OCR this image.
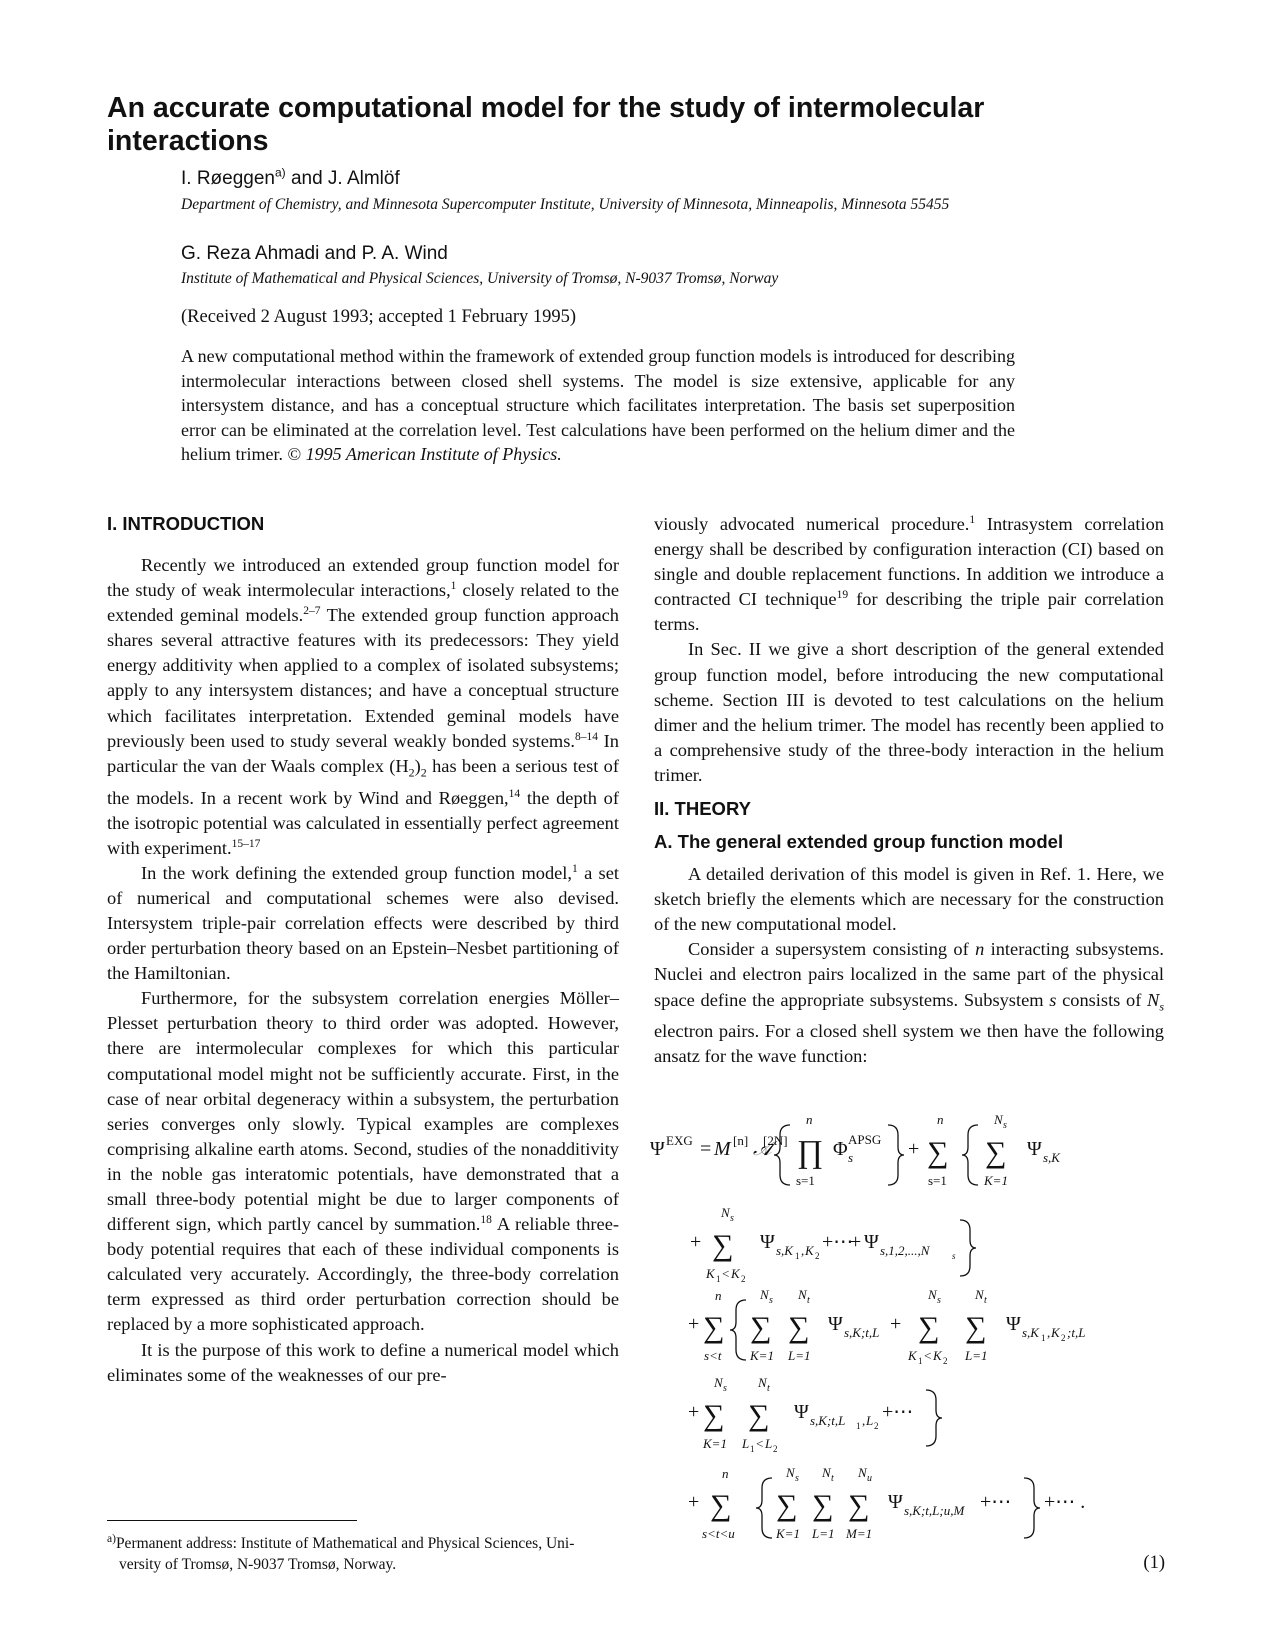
An accurate computational model for the study of intermolecular interactions
I. Røeggen$^{a)}$ and J. Almlöf
Department of Chemistry, and Minnesota Supercomputer Institute, University of Minnesota, Minneapolis, Minnesota 55455
G. Reza Ahmadi and P. A. Wind
Institute of Mathematical and Physical Sciences, University of Tromsø, N-9037 Tromsø, Norway
(Received 2 August 1993; accepted 1 February 1995)

A new computational method within the framework of extended group function models is introduced for describing intermolecular interactions between closed shell systems. The model is size extensive, applicable for any intersystem distance, and has a conceptual structure which facilitates interpretation. The basis set superposition error can be eliminated at the correlation level. Test calculations have been performed on the helium dimer and the helium trimer. © 1995 American Institute of Physics.

I. INTRODUCTION

Recently we introduced an extended group function model for the study of weak intermolecular interactions,$^1$ closely related to the extended geminal models.$^{2-7}$ The extended group function approach shares several attractive features with its predecessors: They yield energy additivity when applied to a complex of isolated subsystems; apply to any intersystem distances; and have a conceptual structure which facilitates interpretation. Extended geminal models have previously been used to study several weakly bonded systems.$^{8-14}$ In particular the van der Waals complex $(H_2)_2$ has been a serious test of the models. In a recent work by Wind and Røeggen,$^{14}$ the depth of the isotropic potential was calculated in essentially perfect agreement with experiment.$^{15-17}$

In the work defining the extended group function model,$^1$ a set of numerical and computational schemes were also devised. Intersystem triple-pair correlation effects were described by third order perturbation theory based on an Epstein–Nesbet partitioning of the Hamiltonian.

Furthermore, for the subsystem correlation energies Möller–Plesset perturbation theory to third order was adopted. However, there are intermolecular complexes for which this particular computational model might not be sufficiently accurate. First, in the case of near orbital degeneracy within a subsystem, the perturbation series converges only slowly. Typical examples are complexes comprising alkaline earth atoms. Second, studies of the nonadditivity in the noble gas interatomic potentials, have demonstrated that a small three-body potential might be due to larger components of different sign, which partly cancel by summation.$^{18}$ A reliable three-body potential requires that each of these individual components is calculated very accurately. Accordingly, the three-body correlation term expressed as third order perturbation correction should be replaced by a more sophisticated approach.

It is the purpose of this work to define a numerical model which eliminates some of the weaknesses of our pre-

$^{a)}$Permanent address: Institute of Mathematical and Physical Sciences, Uni-
versity of Tromsø, N-9037 Tromsø, Norway.

viously advocated numerical procedure.$^1$ Intrasystem correlation energy shall be described by configuration interaction (CI) based on single and double replacement functions. In addition we introduce a contracted CI technique$^{19}$ for describing the triple pair correlation terms.

In Sec. II we give a short description of the general extended group function model, before introducing the new computational scheme. Section III is devoted to test calculations on the helium dimer and the helium trimer. The model has recently been applied to a comprehensive study of the three-body interaction in the helium trimer.

II. THEORY
A. The general extended group function model

A detailed derivation of this model is given in Ref. 1. Here, we sketch briefly the elements which are necessary for the construction of the new computational model.

Consider a supersystem consisting of n interacting subsystems. Nuclei and electron pairs localized in the same part of the physical space define the appropriate subsystems. Subsystem s consists of $N_s$ electron pairs. For a closed shell system we then have the following ansatz for the wave function:

Ψ EXG = M [n] 𝒜
[2N]
n
∏
s=1
Φ s
APSG +
n
∑
s=1
N s
∑
K=1
Ψ s,K
+
N s
∑
K 1 < K 2
Ψ s,K 1 , K 2
+⋯
+ Ψ s,1,2,...,N	s
+
n
∑
s<t
N s
∑
K=1
N t
∑
L=1
Ψ s,K;t,L +
N s
∑
K 1 < K 2
N t
∑
L=1
Ψ s,K 1 , K 2 ;t,L
+
N s
∑
K=1
N t
∑
L 1 < L 2
Ψ s,K;t,L 1 , L 2
+⋯
+
n
∑
s<t<u
N s
∑
K=1
N t
∑
L=1
N u
∑
M=1
Ψ s,K;t,L;u,M +⋯ +⋯ .
(1)
